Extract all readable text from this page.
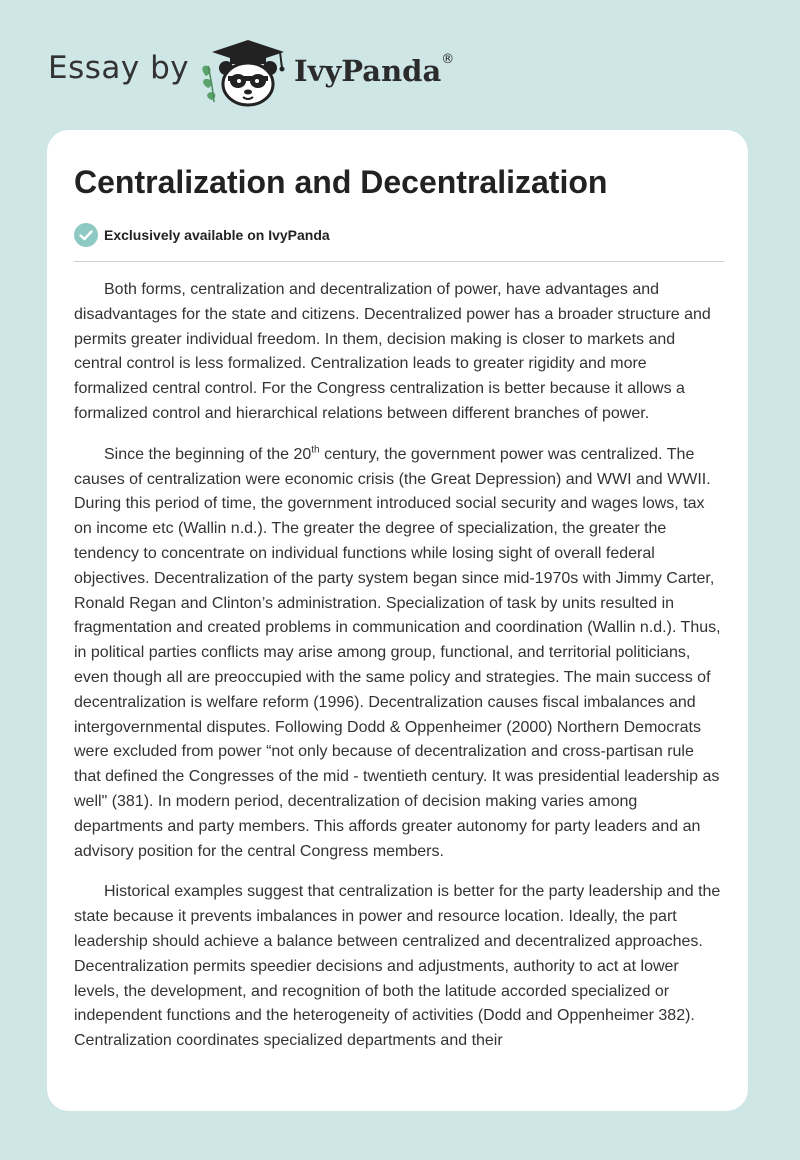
Essay by	IvyPanda®
Centralization and Decentralization
Exclusively available on IvyPanda

Both forms, centralization and decentralization of power, have advantages and disadvantages for the state and citizens. Decentralized power has a broader structure and permits greater individual freedom. In them, decision making is closer to markets and central control is less formalized. Centralization leads to greater rigidity and more formalized central control. For the Congress centralization is better because it allows a formalized control and hierarchical relations between different branches of power.

Since the beginning of the 20th century, the government power was centralized. The causes of centralization were economic crisis (the Great Depression) and WWI and WWII. During this period of time, the government introduced social security and wages lows, tax on income etc (Wallin n.d.). The greater the degree of specialization, the greater the tendency to concentrate on individual functions while losing sight of overall federal objectives. Decentralization of the party system began since mid-1970s with Jimmy Carter, Ronald Regan and Clinton’s administration. Specialization of task by units resulted in fragmentation and created problems in communication and coordination (Wallin n.d.). Thus, in political parties conflicts may arise among group, functional, and territorial politicians, even though all are preoccupied with the same policy and strategies. The main success of decentralization is welfare reform (1996). Decentralization causes fiscal imbalances and intergovernmental disputes. Following Dodd & Oppenheimer (2000) Northern Democrats were excluded from power “not only because of decentralization and cross-partisan rule that defined the Congresses of the mid - twentieth century. It was presidential leadership as well" (381). In modern period, decentralization of decision making varies among departments and party members. This affords greater autonomy for party leaders and an advisory position for the central Congress members.

Historical examples suggest that centralization is better for the party leadership and the state because it prevents imbalances in power and resource location. Ideally, the part leadership should achieve a balance between centralized and decentralized approaches. Decentralization permits speedier decisions and adjustments, authority to act at lower levels, the development, and recognition of both the latitude accorded specialized or independent functions and the heterogeneity of activities (Dodd and Oppenheimer 382). Centralization coordinates specialized departments and their
